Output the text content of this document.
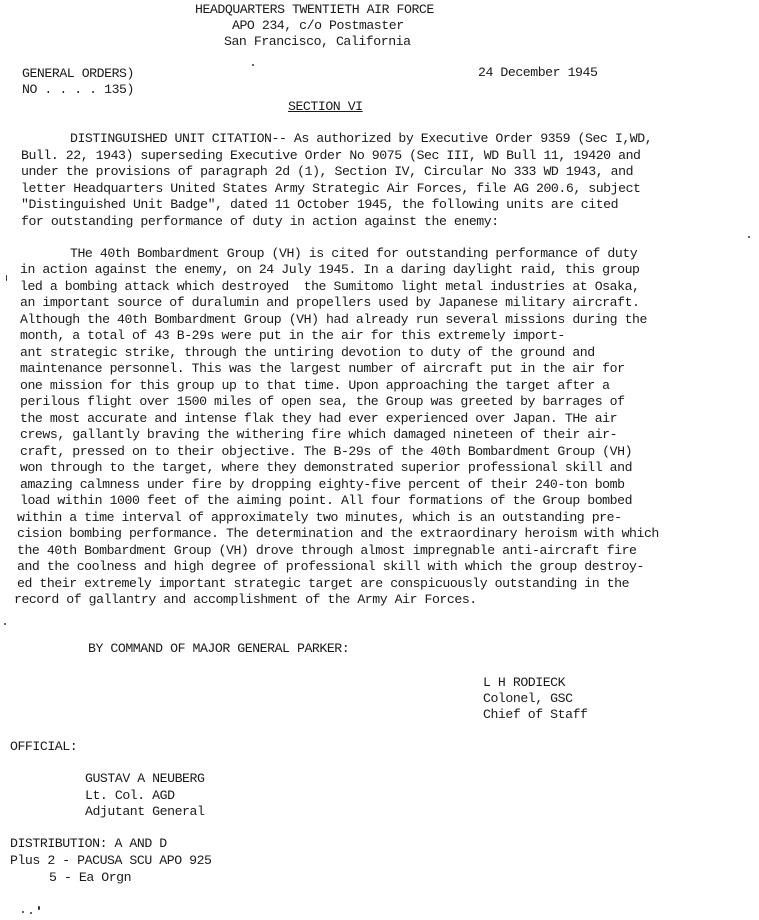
HEADQUARTERS TWENTIETH AIR FORCE
APO 234, c/o Postmaster
San Francisco, California
GENERAL ORDERS)
NO . . . . 135)
24 December 1945
SECTION VI
DISTINGUISHED UNIT CITATION-- As authorized by Executive Order 9359 (Sec I,WD,
Bull. 22, 1943) superseding Executive Order No 9075 (Sec III, WD Bull 11, 19420 and
under the provisions of paragraph 2d (1), Section IV, Circular No 333 WD 1943, and
letter Headquarters United States Army Strategic Air Forces, file AG 200.6, subject
"Distinguished Unit Badge", dated 11 October 1945, the following units are cited
for outstanding performance of duty in action against the enemy:
THe 40th Bombardment Group (VH) is cited for outstanding performance of duty
in action against the enemy, on 24 July 1945. In a daring daylight raid, this group
led a bombing attack which destroyed  the Sumitomo light metal industries at Osaka,
an important source of duralumin and propellers used by Japanese military aircraft.
Although the 40th Bombardment Group (VH) had already run several missions during the
month, a total of 43 B-29s were put in the air for this extremely import-
ant strategic strike, through the untiring devotion to duty of the ground and
maintenance personnel. This was the largest number of aircraft put in the air for
one mission for this group up to that time. Upon approaching the target after a
perilous flight over 1500 miles of open sea, the Group was greeted by barrages of
the most accurate and intense flak they had ever experienced over Japan. THe air
crews, gallantly braving the withering fire which damaged nineteen of their air-
craft, pressed on to their objective. The B-29s of the 40th Bombardment Group (VH)
won through to the target, where they demonstrated superior professional skill and
amazing calmness under fire by dropping eighty-five percent of their 240-ton bomb
load within 1000 feet of the aiming point. All four formations of the Group bombed
within a time interval of approximately two minutes, which is an outstanding pre-
cision bombing performance. The determination and the extraordinary heroism with which
the 40th Bombardment Group (VH) drove through almost impregnable anti-aircraft fire
and the coolness and high degree of professional skill with which the group destroy-
ed their extremely important strategic target are conspicuously outstanding in the
record of gallantry and accomplishment of the Army Air Forces.
BY COMMAND OF MAJOR GENERAL PARKER:
L H RODIECK
Colonel, GSC
Chief of Staff
OFFICIAL:
GUSTAV A NEUBERG
Lt. Col. AGD
Adjutant General
DISTRIBUTION: A AND D
Plus 2 - PACUSA SCU APO 925
5 - Ea Orgn
